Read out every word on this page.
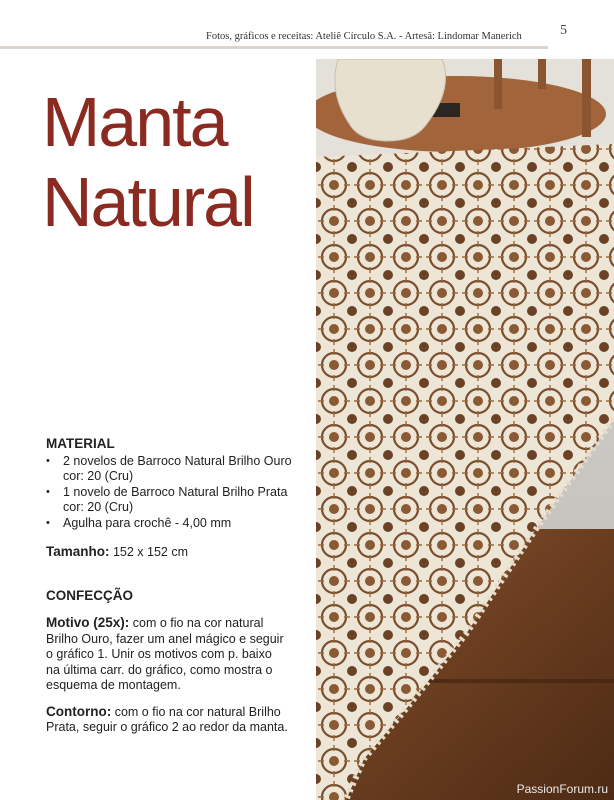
Fotos, gráficos e receitas: Ateliê Círculo S.A. - Artesã: Lindomar Manerich	5
Manta
Natural
MATERIAL
• 2 novelos de Barroco Natural Brilho Ouro
cor: 20 (Cru)
• 1 novelo de Barroco Natural Brilho Prata
cor: 20 (Cru)
• Agulha para crochê - 4,00 mm
Tamanho: 152 x 152 cm
CONFECÇÃO
Motivo (25x): com o fio na cor natural
Brilho Ouro, fazer um anel mágico e seguir
o gráfico 1. Unir os motivos com p. baixo
na última carr. do gráfico, como mostra o
esquema de montagem.
Contorno: com o fio na cor natural Brilho
Prata, seguir o gráfico 2 ao redor da manta.
PassionForum.ru
